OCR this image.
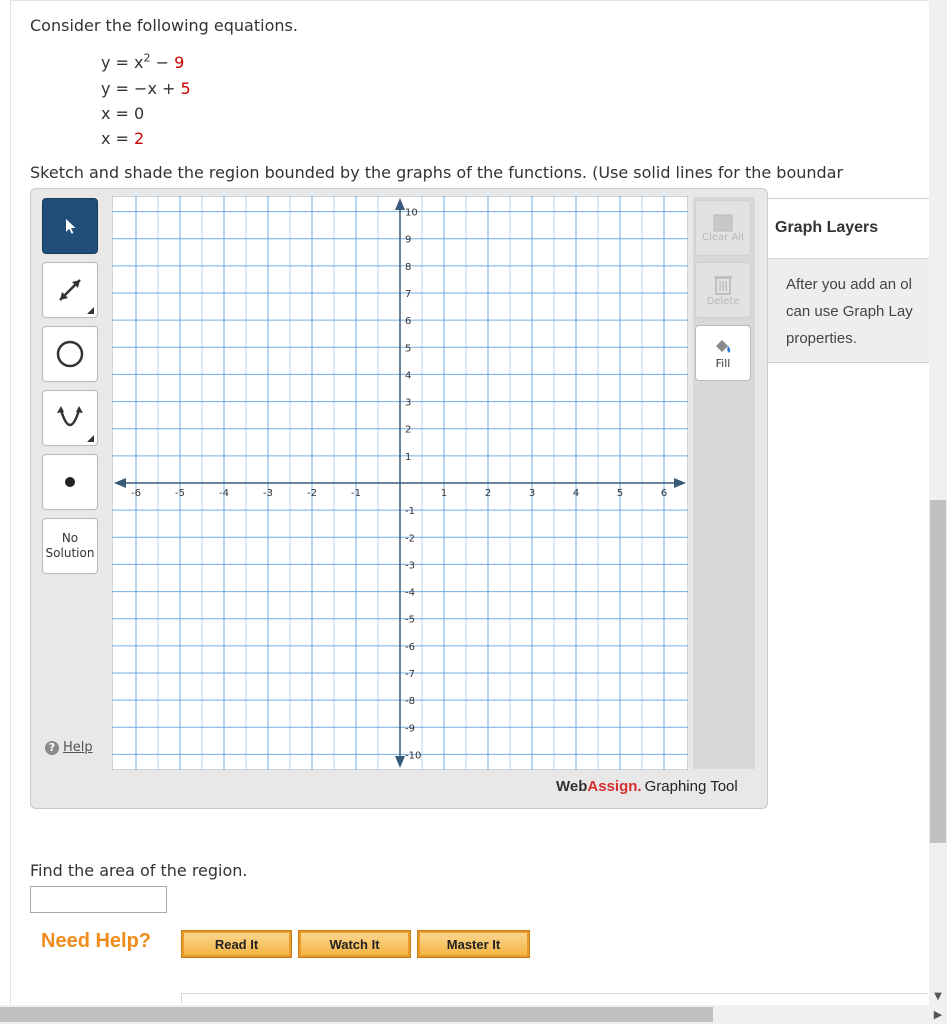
Consider the following equations.
$y = x^2 - 9$
y = −x + 5
x = 0
x = 2
Sketch and shade the region bounded by the graphs of the functions. (Use solid lines for the boundar
No
Solution
? Help
-6	-5	-4	-3	-2	-1	1	2	3	4	5	6
10
9
8
7
6
5
4
3
2
1
-1
-2
-3
-4
-5
-6
-7
-8
-9
-10
Clear All
Delete
Fill
WebAssign. Graphing Tool
Graph Layers
After you add an ol
can use Graph Lay
properties.
Find the area of the region.
Need Help?	Read It	Watch It	Master It
▼
▶
